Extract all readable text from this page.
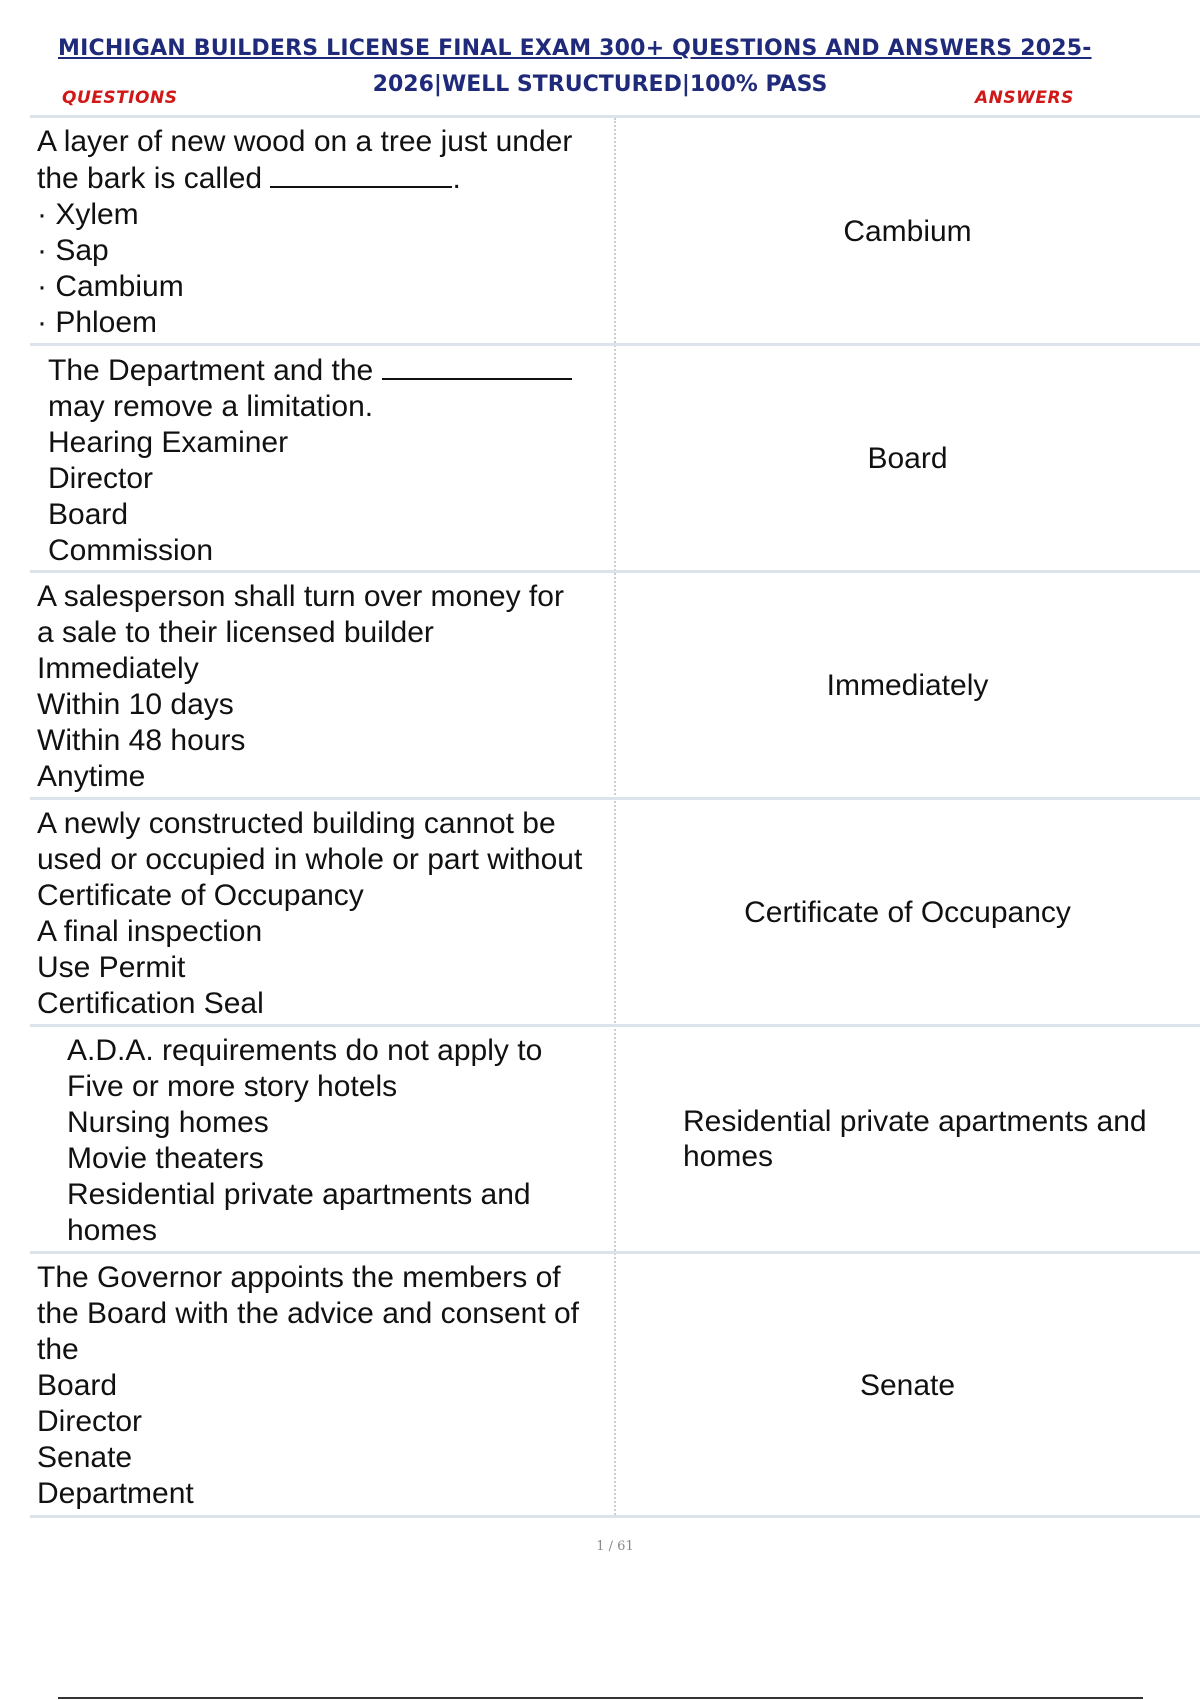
MICHIGAN BUILDERS LICENSE FINAL EXAM 300+ QUESTIONS AND ANSWERS 2025-
QUESTIONS
2026|WELL STRUCTURED|100% PASS
ANSWERS
A layer of new wood on a tree just under
the bark is called	.
· Xylem
· Sap
· Cambium
· Phloem
Cambium
The Department and the
may remove a limitation.
Hearing Examiner
Director
Board
Commission
Board
A salesperson shall turn over money for
a sale to their licensed builder
Immediately
Within 10 days
Within 48 hours
Anytime
Immediately
A newly constructed building cannot be
used or occupied in whole or part without
Certificate of Occupancy
A final inspection
Use Permit
Certification Seal
Certificate of Occupancy
A.D.A. requirements do not apply to
Five or more story hotels
Nursing homes
Movie theaters
Residential private apartments and
homes
Residential private apartments and
homes
The Governor appoints the members of
the Board with the advice and consent of
the
Board
Director
Senate
Department
Senate
1 / 61
